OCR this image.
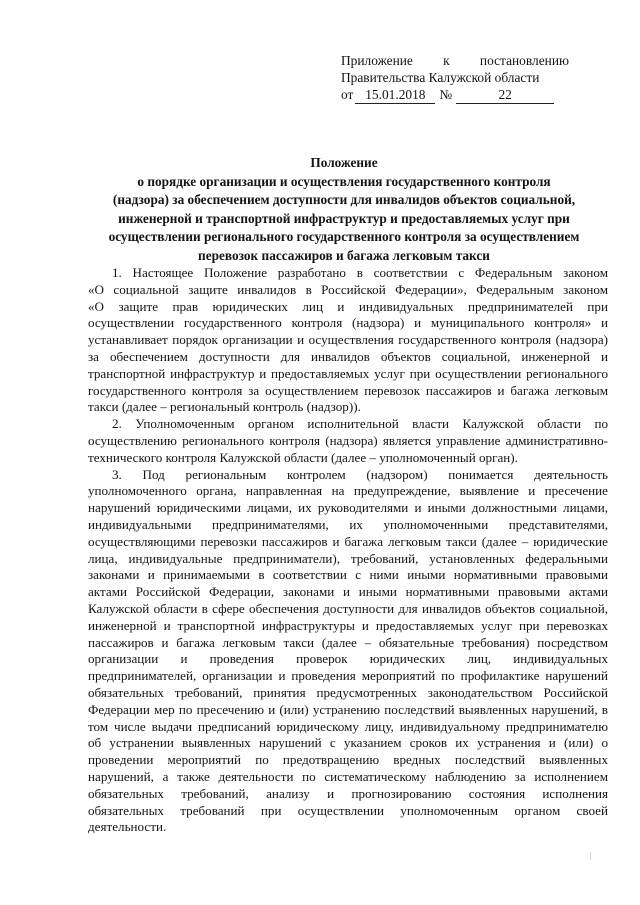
Приложение к постановлению
Правительства Калужской области
от 15.01.2018	№	22
Положение
о порядке организации и осуществления государственного контроля
(надзора) за обеспечением доступности для инвалидов объектов социальной,
инженерной и транспортной инфраструктур и предоставляемых услуг при
осуществлении регионального государственного контроля за осуществлением
перевозок пассажиров и багажа легковым такси
1. Настоящее Положение разработано в соответствии с Федеральным законом
«О социальной защите инвалидов в Российской Федерации», Федеральным законом
«О защите прав юридических лиц и индивидуальных предпринимателей при
осуществлении государственного контроля (надзора) и муниципального контроля» и
устанавливает порядок организации и осуществления государственного контроля (надзора)
за обеспечением доступности для инвалидов объектов социальной, инженерной и
транспортной инфраструктур и предоставляемых услуг при осуществлении регионального
государственного контроля за осуществлением перевозок пассажиров и багажа легковым
такси (далее – региональный контроль (надзор)).
2. Уполномоченным органом исполнительной власти Калужской области по
осуществлению регионального контроля (надзора) является управление административно-
технического контроля Калужской области (далее – уполномоченный орган).
3. Под региональным контролем (надзором) понимается деятельность
уполномоченного органа, направленная на предупреждение, выявление и пресечение
нарушений юридическими лицами, их руководителями и иными должностными лицами,
индивидуальными предпринимателями, их уполномоченными представителями,
осуществляющими перевозки пассажиров и багажа легковым такси (далее – юридические
лица, индивидуальные предприниматели), требований, установленных федеральными
законами и принимаемыми в соответствии с ними иными нормативными правовыми
актами Российской Федерации, законами и иными нормативными правовыми актами
Калужской области в сфере обеспечения доступности для инвалидов объектов социальной,
инженерной и транспортной инфраструктуры и предоставляемых услуг при перевозках
пассажиров и багажа легковым такси (далее – обязательные требования) посредством
организации и проведения проверок юридических лиц, индивидуальных
предпринимателей, организации и проведения мероприятий по профилактике нарушений
обязательных требований, принятия предусмотренных законодательством Российской
Федерации мер по пресечению и (или) устранению последствий выявленных нарушений, в
том числе выдачи предписаний юридическому лицу, индивидуальному предпринимателю
об устранении выявленных нарушений с указанием сроков их устранения и (или) о
проведении мероприятий по предотвращению вредных последствий выявленных
нарушений, а также деятельности по систематическому наблюдению за исполнением
обязательных требований, анализу и прогнозированию состояния исполнения
обязательных требований при осуществлении уполномоченным органом своей
деятельности.
